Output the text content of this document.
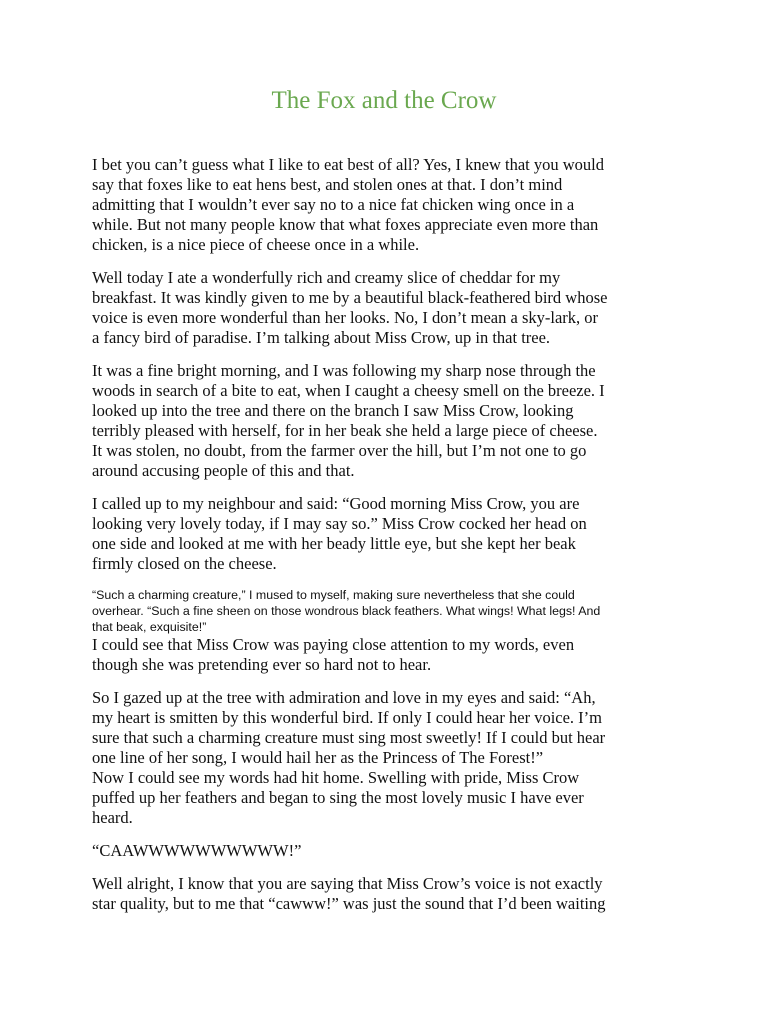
The Fox and the Crow

I bet you can’t guess what I like to eat best of all? Yes, I knew that you would
say that foxes like to eat hens best, and stolen ones at that. I don’t mind
admitting that I wouldn’t ever say no to a nice fat chicken wing once in a
while. But not many people know that what foxes appreciate even more than
chicken, is a nice piece of cheese once in a while.

Well today I ate a wonderfully rich and creamy slice of cheddar for my
breakfast. It was kindly given to me by a beautiful black-feathered bird whose
voice is even more wonderful than her looks. No, I don’t mean a sky-lark, or
a fancy bird of paradise. I’m talking about Miss Crow, up in that tree.

It was a fine bright morning, and I was following my sharp nose through the
woods in search of a bite to eat, when I caught a cheesy smell on the breeze. I
looked up into the tree and there on the branch I saw Miss Crow, looking
terribly pleased with herself, for in her beak she held a large piece of cheese.
It was stolen, no doubt, from the farmer over the hill, but I’m not one to go
around accusing people of this and that.

I called up to my neighbour and said: “Good morning Miss Crow, you are
looking very lovely today, if I may say so.” Miss Crow cocked her head on
one side and looked at me with her beady little eye, but she kept her beak
firmly closed on the cheese.

“Such a charming creature,” I mused to myself, making sure nevertheless that she could
overhear. “Such a fine sheen on those wondrous black feathers. What wings! What legs! And
that beak, exquisite!”

I could see that Miss Crow was paying close attention to my words, even
though she was pretending ever so hard not to hear.

So I gazed up at the tree with admiration and love in my eyes and said: “Ah,
my heart is smitten by this wonderful bird. If only I could hear her voice. I’m
sure that such a charming creature must sing most sweetly! If I could but hear
one line of her song, I would hail her as the Princess of The Forest!”

Now I could see my words had hit home. Swelling with pride, Miss Crow
puffed up her feathers and began to sing the most lovely music I have ever
heard.

“CAAWWWWWWWWWW!”

Well alright, I know that you are saying that Miss Crow’s voice is not exactly
star quality, but to me that “cawww!” was just the sound that I’d been waiting
